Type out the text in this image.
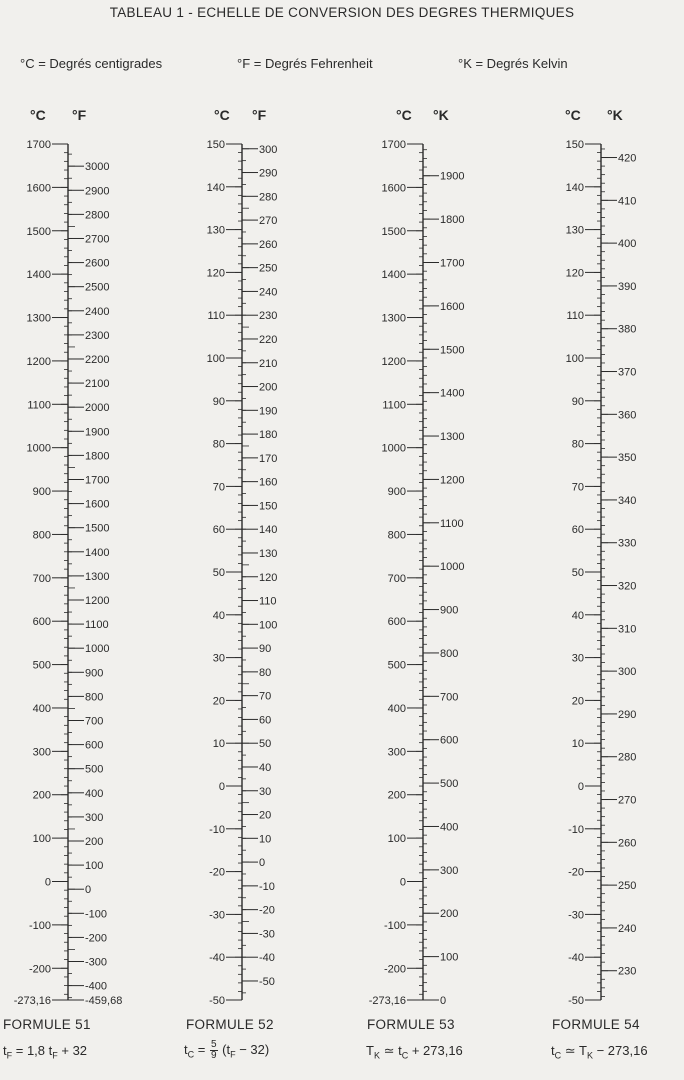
TABLEAU 1 - ECHELLE DE CONVERSION DES DEGRES THERMIQUES
°C = Degrés centigrades	°F = Degrés Fehrenheit	°K = Degrés Kelvin
°C °F	°C °F	°C °K	°C °K
1700
1600
1500
1400
1300
1200
1100
1000
900
800
700
600
500
400
300
200
100
0
-100
-200
-273,16
3000
2900
2800
2700
2600
2500
2400
2300
2200
2100
2000
1900
1800
1700
1600
1500
1400
1300
1200
1100
1000
900
800
700
600
500
400
300
200
100
0
-100
-200
-300
-400
-459,68
150
140
130
120
110
100
90
80
70
60
50
40
30
20
10
0
-10
-20
-30
-40
-50
300
290
280
270
260
250
240
230
220
210
200
190
180
170
160
150
140
130
120
110
100
90
80
70
60
50
40
30
20
10
0
-10
-20
-30
-40
-50
1700
1600
1500
1400
1300
1200
1100
1000
900
800
700
600
500
400
300
200
100
0
-100
-200
-273,16
1900
1800
1700
1600
1500
1400
1300
1200
1100
1000
900
800
700
600
500
400
300
200
100
0
150
140
130
120
110
100
90
80
70
60
50
40
30
20
10
0
-10
-20
-30
-40
-50
420
410
400
390
380
370
360
350
340
330
320
310
300
290
280
270
260
250
240
230
FORMULE 51	FORMULE 52	FORMULE 53	FORMULE 54
$t_F = 1,8$ $t_F + 32$	$t_C = \frac{5}{9} (t_F - 32)$	$T_K$ ≃ $t_C + 273,16$	$t_C$ ≃ $T_K - 273,16$
